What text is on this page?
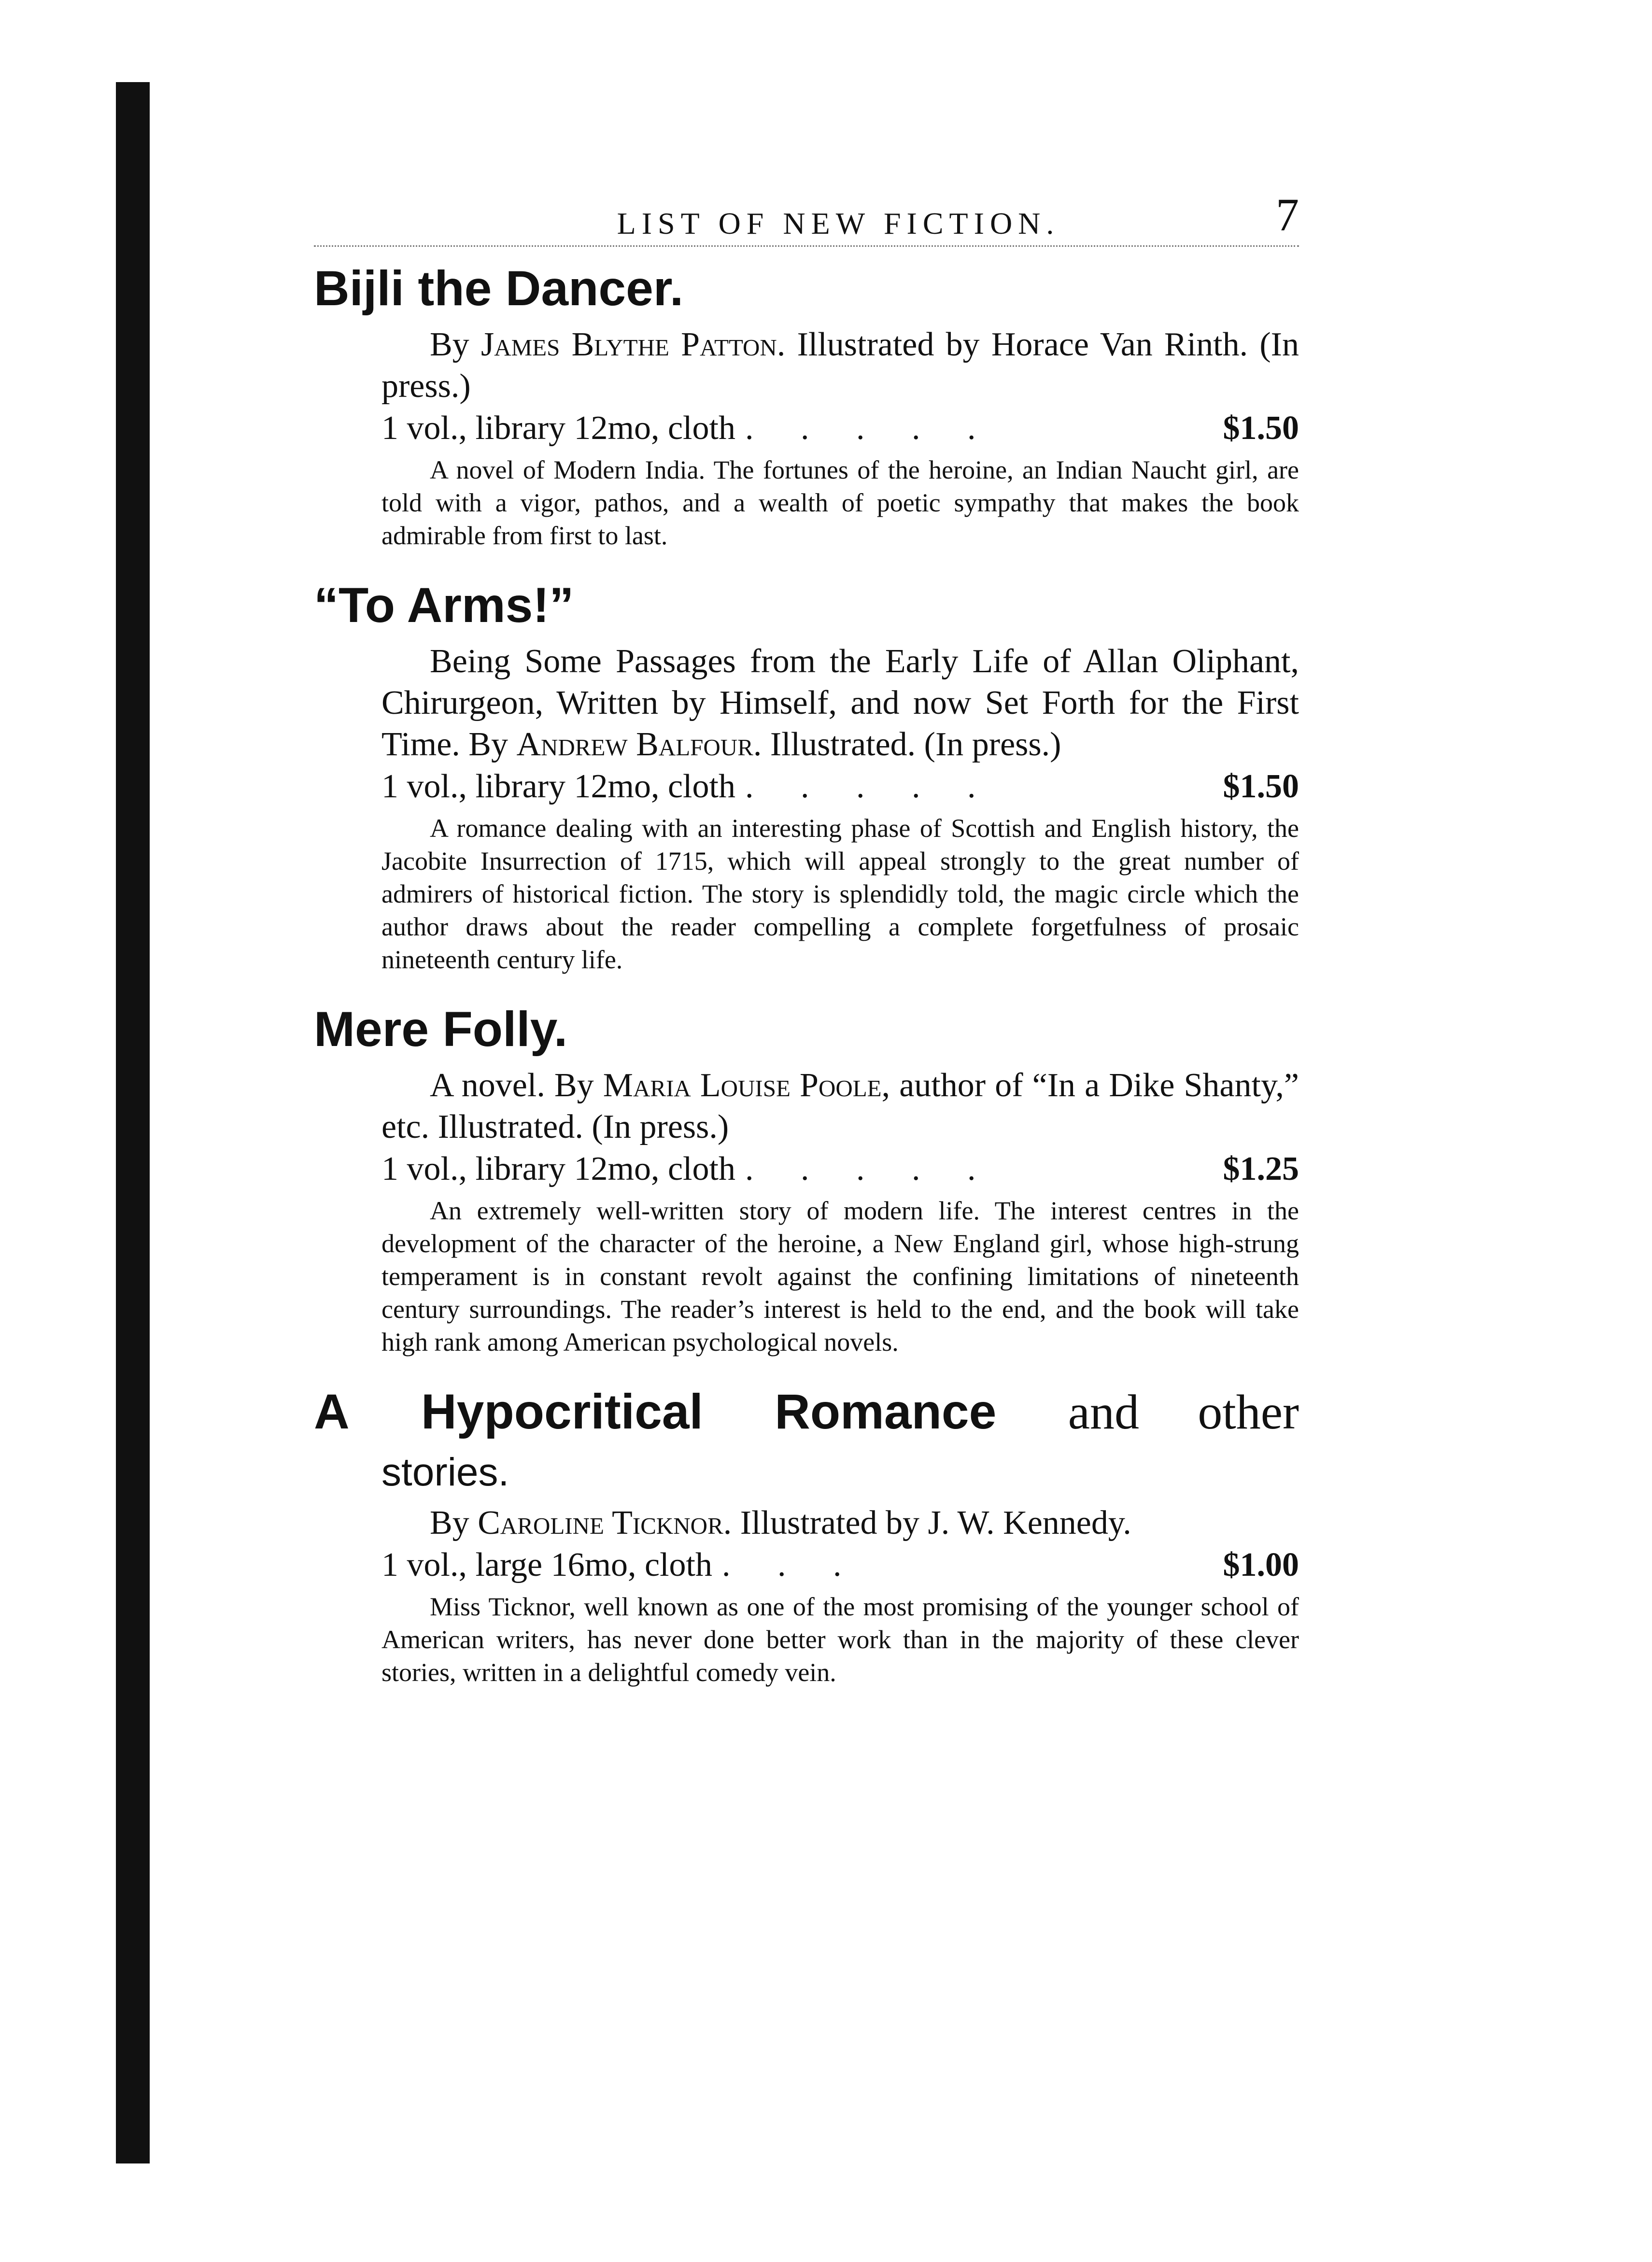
LIST OF NEW FICTION.	7
Bijli the Dancer.

By James Blythe Patton. Illustrated by Horace Van Rinth. (In press.)

1 vol., library 12mo, cloth . . . . .	$1.50

A novel of Modern India. The fortunes of the heroine, an Indian Naucht girl, are told with a vigor, pathos, and a wealth of poetic sympathy that makes the book admirable from first to last.

“To Arms!”

Being Some Passages from the Early Life of Allan Oliphant, Chirurgeon, Written by Himself, and now Set Forth for the First Time. By Andrew Balfour. Illustrated. (In press.)

1 vol., library 12mo, cloth . . . . .	$1.50

A romance dealing with an interesting phase of Scottish and English history, the Jacobite Insurrection of 1715, which will appeal strongly to the great number of admirers of historical fiction. The story is splendidly told, the magic circle which the author draws about the reader compelling a complete forgetfulness of prosaic nineteenth century life.

Mere Folly.

A novel. By Maria Louise Poole, author of “In a Dike Shanty,” etc. Illustrated. (In press.)

1 vol., library 12mo, cloth . . . . .	$1.25

An extremely well-written story of modern life. The interest centres in the development of the character of the heroine, a New England girl, whose high-strung temperament is in constant revolt against the confining limitations of nineteenth century surroundings. The reader’s interest is held to the end, and the book will take high rank among American psychological novels.

A Hypocritical Romance and other
stories.

By Caroline Ticknor. Illustrated by J. W. Kennedy.

1 vol., large 16mo, cloth . . .	$1.00

Miss Ticknor, well known as one of the most promising of the younger school of American writers, has never done better work than in the majority of these clever stories, written in a delightful comedy vein.
